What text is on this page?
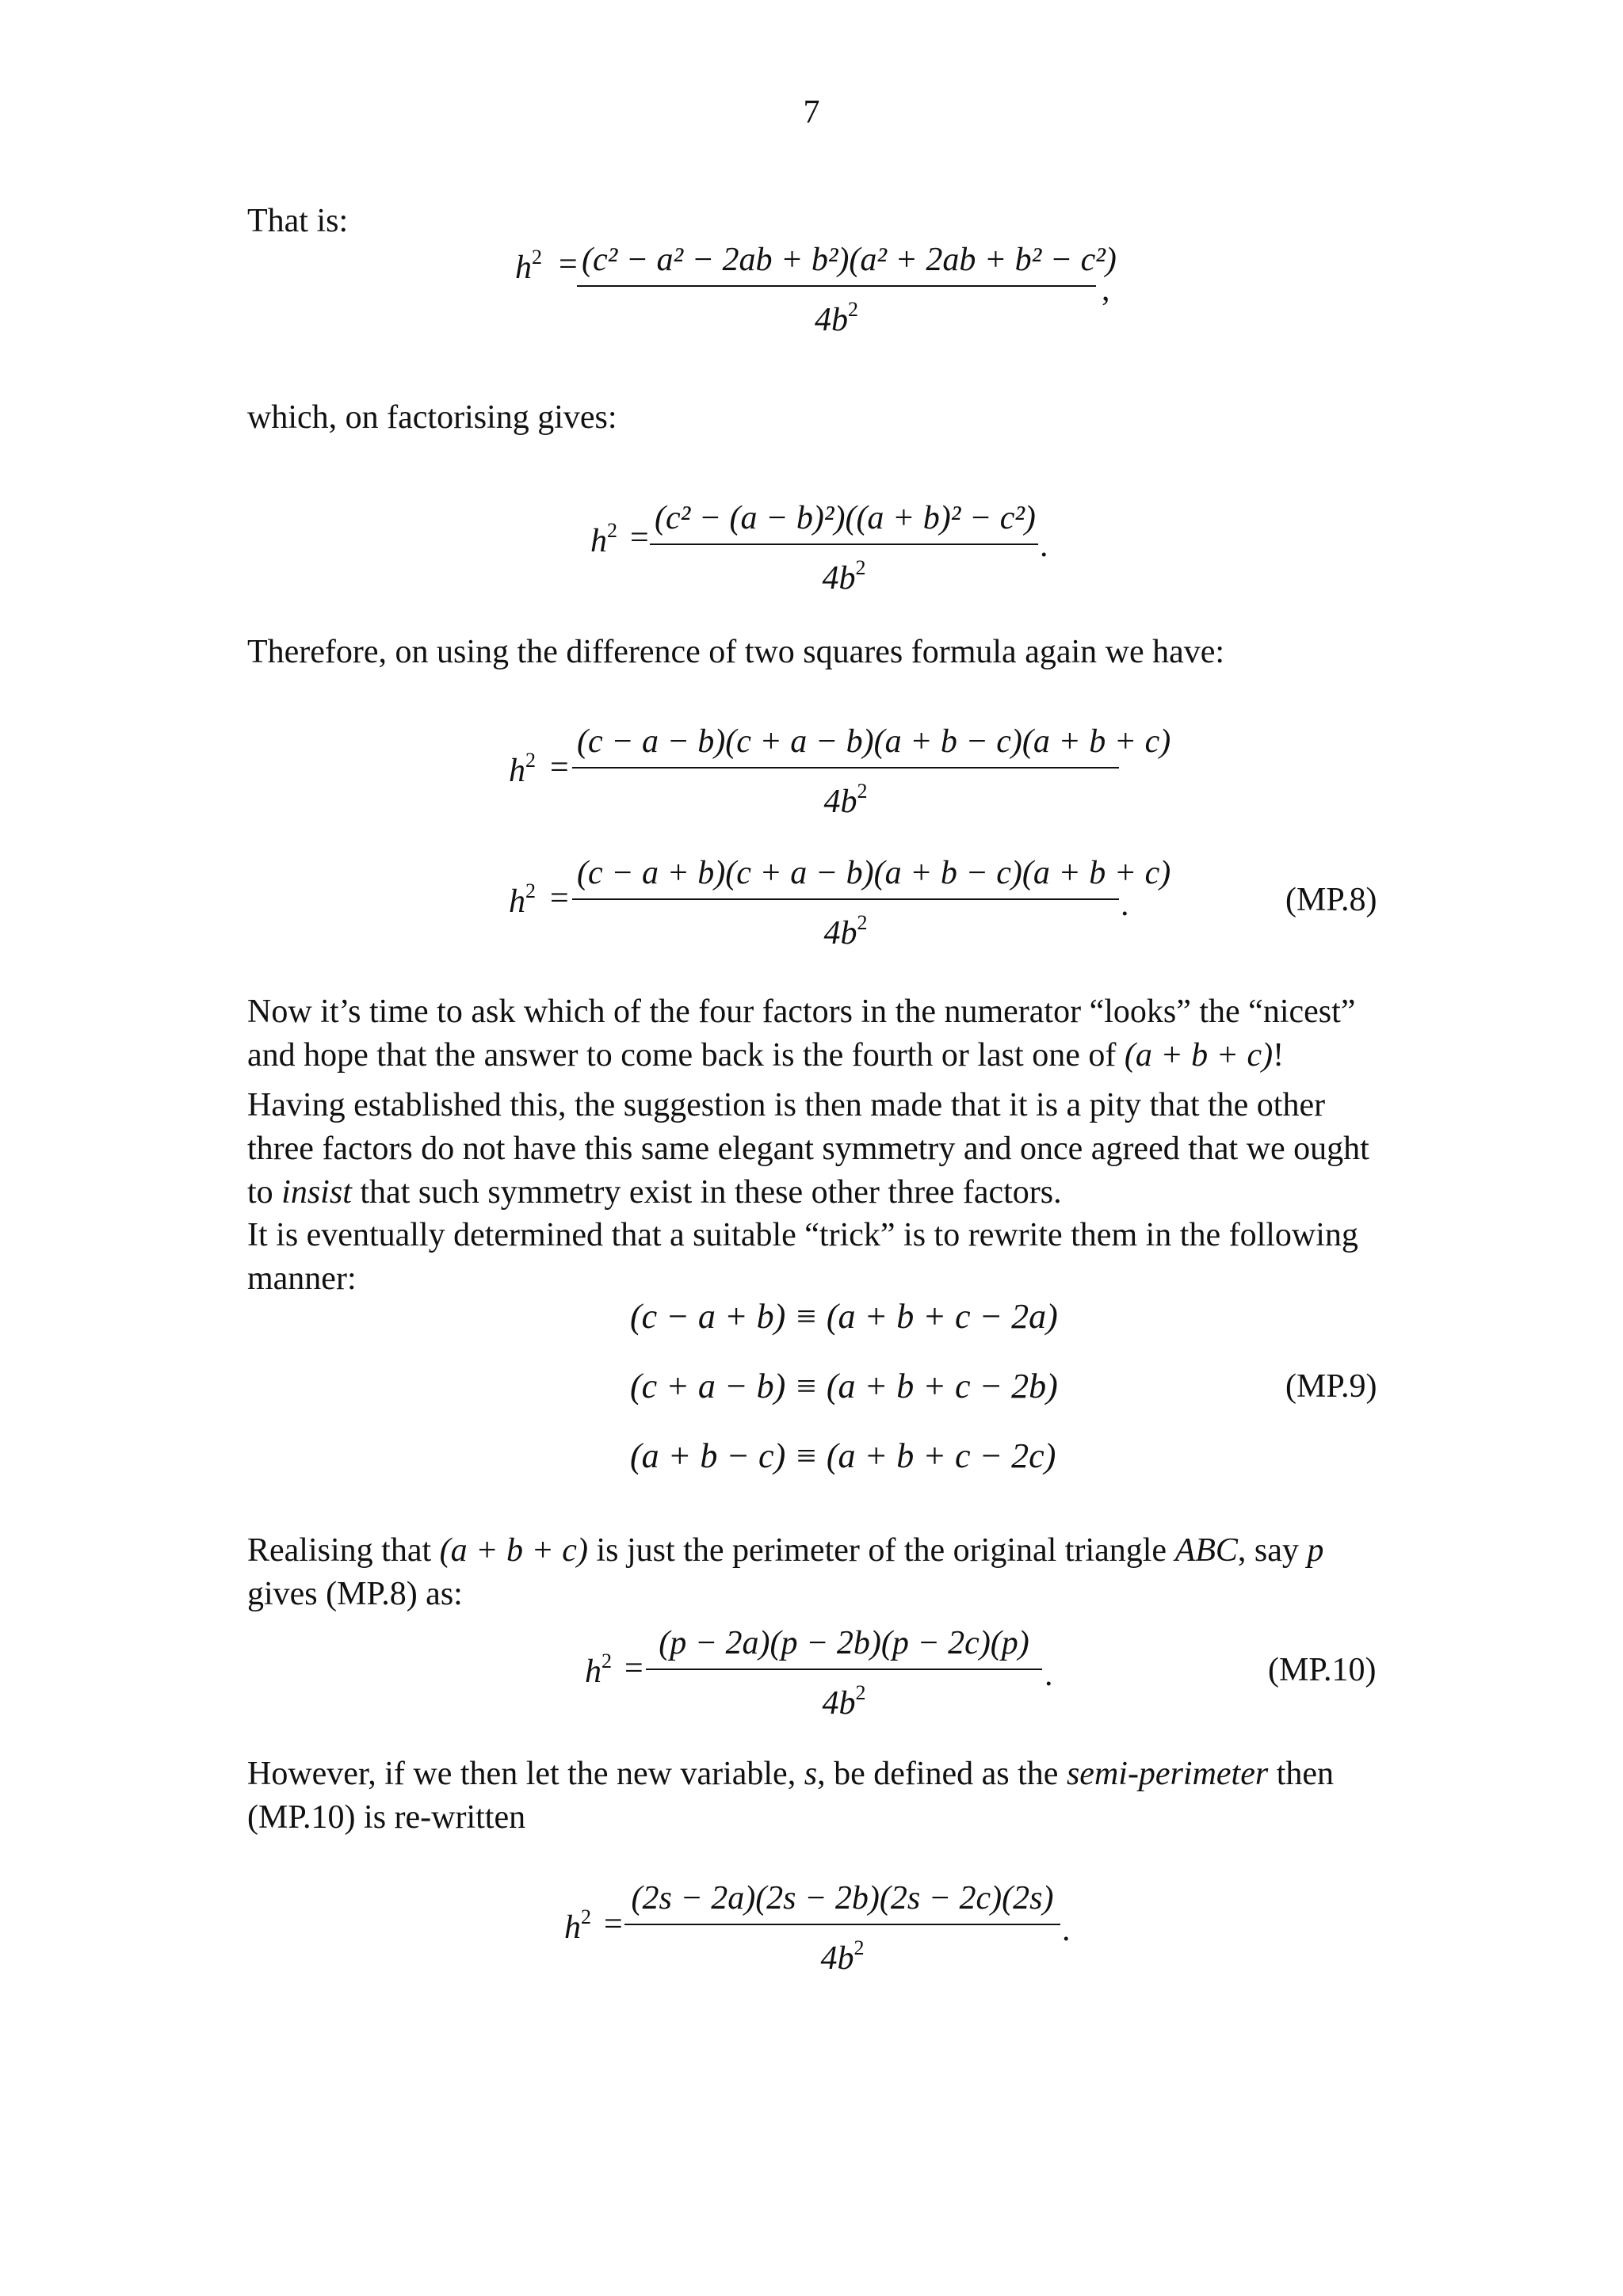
7
That is:
$h^2 = \frac{\text{(c² − a² − 2ab + b²)(a² + 2ab + b² − c²)}}{4b^2}$ ,
which, on factorising gives:
$h^2 = \frac{\text{(c² − (a − b)²)((a + b)² − c²)}}{4b^2}$ .
Therefore, on using the difference of two squares formula again we have:
$h^2 = \frac{(c - a - b)(c + a - b)(a + b - c)(a + b + c)}{4b^2}$
$h^2 = \frac{(c - a + b)(c + a - b)(a + b - c)(a + b + c)}{4b^2}$ .	(MP.8)
Now it’s time to ask which of the four factors in the numerator “looks” the “nicest” and hope that the answer to come back is the fourth or last one of (a + b + c)!
Having established this, the suggestion is then made that it is a pity that the other three factors do not have this same elegant symmetry and once agreed that we ought to insist that such symmetry exist in these other three factors.
It is eventually determined that a suitable “trick” is to rewrite them in the following manner:
(c − a + b) ≡ (a + b + c − 2a)
(c + a − b) ≡ (a + b + c − 2b)
(a + b − c) ≡ (a + b + c − 2c)
(MP.9)
Realising that (a + b + c) is just the perimeter of the original triangle ABC, say p gives (MP.8) as:
$h^2 = \frac{(p - 2a)(p - 2b)(p - 2c)(p)}{4b^2}$ .	(MP.10)
However, if we then let the new variable, s, be defined as the semi-perimeter then (MP.10) is re-written
$h^2 = \frac{(2s - 2a)(2s - 2b)(2s - 2c)(2s)}{4b^2}$ .
